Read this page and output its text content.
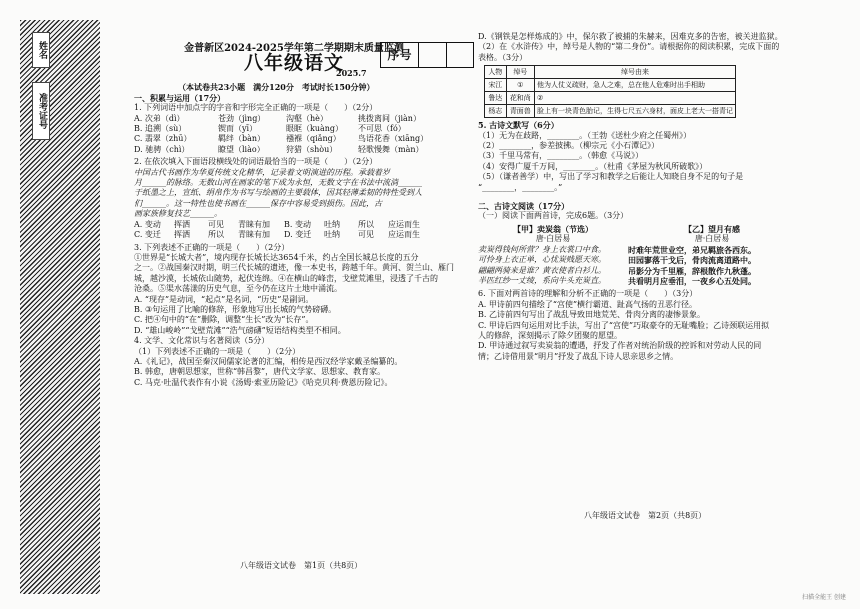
姓名
准考证号
金普新区2024-2025学年第二学期期末质量监测
八年级语文
2025.7
序号
（本试卷共23小题　满分120分　考试时长150分钟）
一、积累与运用（17分）
1. 下列词语中加点字的字音和字形完全正确的一项是（　　）（2分）
A. 次弟（dì）	苍劲（jìng）	沟壑（hè）	挑拨离间（jiàn）
B. 追溯（sù）	锲而（yī）	眼眶（kuàng）	不可思（fó）
C. 翡翠（zhū）	羁绊（bàn）	襁褓（qiǎng）	鸟语花香（xiāng）
D. 驰骋（chì）	瞭望（liào）	狩猎（shòu）	轻歌慢舞（màn）
2. 在依次填入下面语段横线处的词语最恰当的一项是（　　）（2分）
中国古代书画作为华夏传统文化精华，记录着文明演进的历程。承载着岁
月______的脉络。无数山河在画家的笔下成为永恒，无数文字在书法中流淌______
于纸墨之上，宣纸、绢帛作为书写与绘画的主要载体，因其轻薄柔韧的特性受到人
们______。这一特性也使书画在______保存中容易受到损伤。因此，古
画家族修复技艺______。
A. 变动	挥洒	可见	青睐有加	B. 变动	吐纳	所以	应运而生
C. 变迁	挥洒	所以	青睐有加	D. 变迁	吐纳	可见	应运而生
3. 下列表述不正确的一项是（　　）（2分）
①世界是“长城大者”，境内现存长城长达3654千米，约占全国长城总长度的五分
之一。②战国秦汉时期，明三代长城的遗迹，像一本史书，跨越千年。黄河、贺兰山、雁门
城，越沙漠，长城依山随势，起伏连绵。④在横山的峰峦，戈壁荒滩里，浸透了千古的
沧桑。⑤渠水荡漾的历史气息，至今仍在这片土地中涌流。
A. “现存”是动词，“起点”是名词，“历史”是副词。
B. ③句运用了比喻的修辞，形象地写出长城的气势磅礴。
C. 把④句中的“在”删除，调整“生长”改为“长存”。
D. “雄山峻岭”“戈壁荒滩”“浩气磅礴”短语结构类型不相同。
4. 文学、文化常识与名著阅读（5分）
（1）下列表述不正确的一项是（　　）（2分）
A.《礼记》，战国至秦汉间儒家论著的汇编，相传是西汉经学家戴圣编纂的。
B. 韩愈，唐朝思想家，世称“韩昌黎”，唐代文学家、思想家、教育家。
C. 马克·吐温代表作有小说《汤姆·索亚历险记》《哈克贝利·费恩历险记》。
八年级语文试卷　第1页（共8页）
D.《钢铁是怎样炼成的》中，保尔救了被捕的朱赫来，因难克多的告密，被关进监狱。
（2）在《水浒传》中，绰号是人物的“第二身份”。请根据你的阅读积累，完成下面的
表格。（3分）
人物	绰号	绰号由来
宋江	①	他为人仗义疏财，急人之难，总在他人危难时出手相助
鲁达	花和尚	②
杨志	青面兽	脸上有一块青色胎记，生得七尺五六身材，面皮上老大一搭青记
5. 古诗文默写（6分）
（1）无为在歧路，________。（王勃《送杜少府之任蜀州》）
（2）________，参差披拂。（柳宗元《小石潭记》）
（3）千里马常有，________。（韩愈《马说》）
（4）安得广厦千万间，________。（杜甫《茅屋为秋风所破歌》）
（5）（谦者善学）中，写出了学习和教学之后能让人知晓自身不足的句子是
“________，________。”
二、古诗文阅读（17分）
（一）阅读下面两首诗，完成6题。（3分）
【甲】卖炭翁（节选）
唐·白居易
卖炭得钱何所营？身上衣裳口中食。
可怜身上衣正单，心忧炭贱愿天寒。
翩翩两骑来是谁？黄衣使者白衫儿。
半匹红纱一丈绫，系向牛头充炭直。
【乙】望月有感
唐·白居易
时难年荒世业空，弟兄羁旅各西东。
田园寥落干戈后，骨肉流离道路中。
吊影分为千里雁，辞根散作九秋蓬。
共看明月应垂泪，一夜乡心五处同。
6. 下面对两首诗的理解和分析不正确的一项是（　　）（3分）
A. 甲诗前四句描绘了“宫使”横行霸道、趾高气扬的丑恶行径。
B. 乙诗前四句写出了战乱导致田地荒芜、骨肉分离的凄惨景象。
C. 甲诗后四句运用对比手法，写出了“宫使”巧取豪夺的无耻嘴脸；乙诗颈联运用拟
人的修辞，深刻揭示了除夕团聚的愿望。
D. 甲诗通过叙写卖炭翁的遭遇，抒发了作者对统治阶级的控诉和对劳动人民的同
情；乙诗借用景“明月”抒发了战乱下诗人思亲思乡之情。
八年级语文试卷　第2页（共8页）
扫描全能王 创建
